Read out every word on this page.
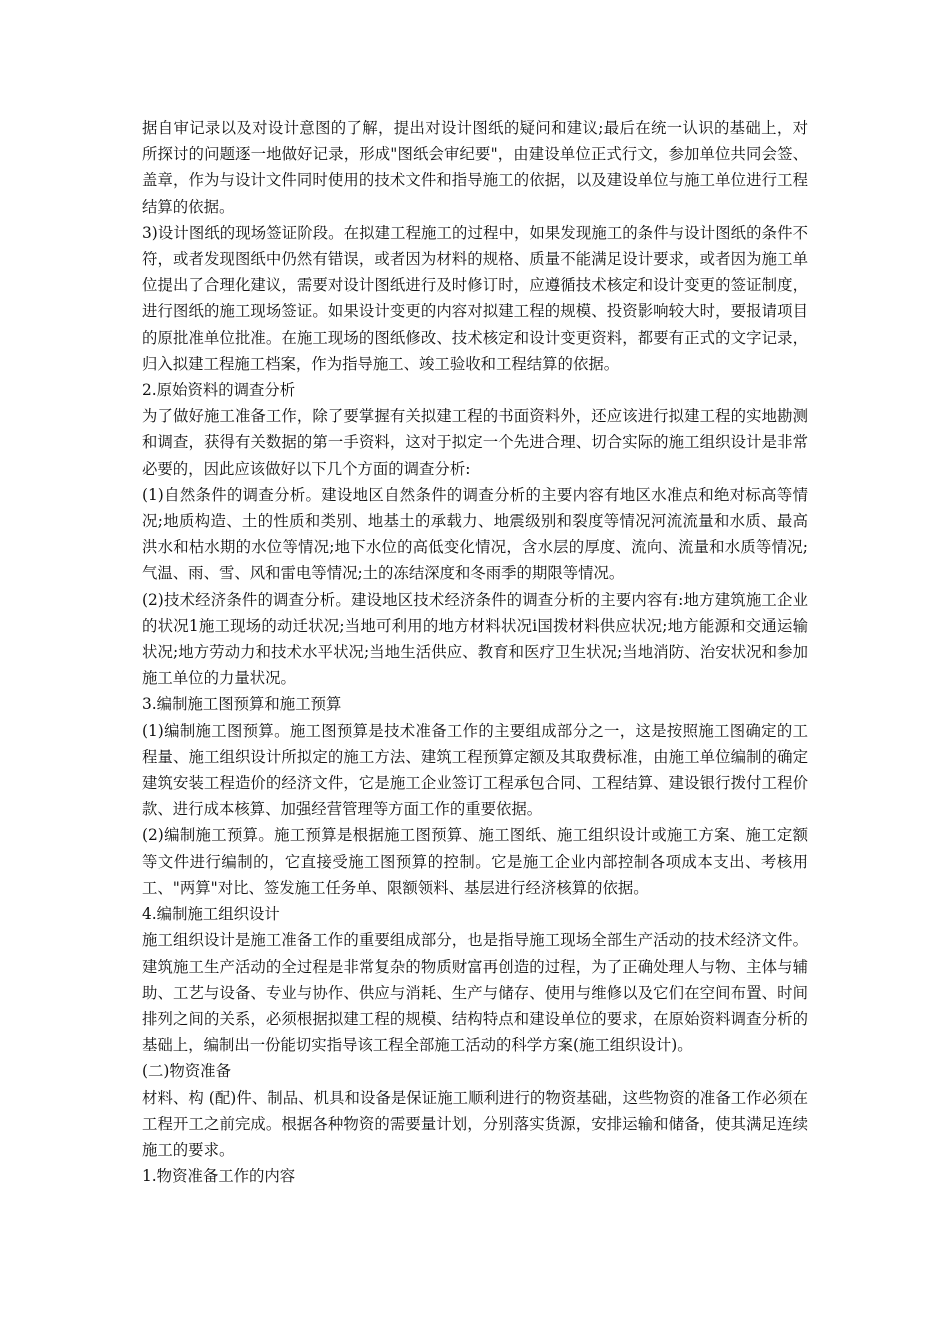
据自审记录以及对设计意图的了解，提出对设计图纸的疑问和建议;最后在统一认识的基础上，对所探讨的问题逐一地做好记录，形成"图纸会审纪要"，由建设单位正式行文，参加单位共同会签、盖章，作为与设计文件同时使用的技术文件和指导施工的依据，以及建设单位与施工单位进行工程结算的依据。

3)设计图纸的现场签证阶段。在拟建工程施工的过程中，如果发现施工的条件与设计图纸的条件不符，或者发现图纸中仍然有错误，或者因为材料的规格、质量不能满足设计要求，或者因为施工单位提出了合理化建议，需要对设计图纸进行及时修订时，应遵循技术核定和设计变更的签证制度，进行图纸的施工现场签证。如果设计变更的内容对拟建工程的规模、投资影响较大时，要报请项目的原批准单位批准。在施工现场的图纸修改、技术核定和设计变更资料，都要有正式的文字记录，归入拟建工程施工档案，作为指导施工、竣工验收和工程结算的依据。

2.原始资料的调查分析

为了做好施工准备工作，除了要掌握有关拟建工程的书面资料外，还应该进行拟建工程的实地勘测和调查，获得有关数据的第一手资料，这对于拟定一个先进合理、切合实际的施工组织设计是非常必要的，因此应该做好以下几个方面的调查分析:

(1)自然条件的调查分析。建设地区自然条件的调查分析的主要内容有地区水准点和绝对标高等情况;地质构造、土的性质和类别、地基土的承载力、地震级别和裂度等情况河流流量和水质、最高洪水和枯水期的水位等情况;地下水位的高低变化情况，含水层的厚度、流向、流量和水质等情况;气温、雨、雪、风和雷电等情况;土的冻结深度和冬雨季的期限等情况。

(2)技术经济条件的调查分析。建设地区技术经济条件的调查分析的主要内容有:地方建筑施工企业的状况1施工现场的动迁状况;当地可利用的地方材料状况i国拨材料供应状况;地方能源和交通运输状况;地方劳动力和技术水平状况;当地生活供应、教育和医疗卫生状况;当地消防、治安状况和参加施工单位的力量状况。

3.编制施工图预算和施工预算

(1)编制施工图预算。施工图预算是技术准备工作的主要组成部分之一，这是按照施工图确定的工程量、施工组织设计所拟定的施工方法、建筑工程预算定额及其取费标准，由施工单位编制的确定建筑安装工程造价的经济文件，它是施工企业签订工程承包合同、工程结算、建设银行拨付工程价款、进行成本核算、加强经营管理等方面工作的重要依据。

(2)编制施工预算。施工预算是根据施工图预算、施工图纸、施工组织设计或施工方案、施工定额等文件进行编制的，它直接受施工图预算的控制。它是施工企业内部控制各项成本支出、考核用工、"两算"对比、签发施工任务单、限额领料、基层进行经济核算的依据。

4.编制施工组织设计

施工组织设计是施工准备工作的重要组成部分，也是指导施工现场全部生产活动的技术经济文件。建筑施工生产活动的全过程是非常复杂的物质财富再创造的过程，为了正确处理人与物、主体与辅助、工艺与设备、专业与协作、供应与消耗、生产与储存、使用与维修以及它们在空间布置、时间排列之间的关系，必须根据拟建工程的规模、结构特点和建设单位的要求，在原始资料调查分析的基础上，编制出一份能切实指导该工程全部施工活动的科学方案(施工组织设计)。

(二)物资准备

材料、构 (配)件、制品、机具和设备是保证施工顺利进行的物资基础，这些物资的准备工作必须在工程开工之前完成。根据各种物资的需要量计划，分别落实货源，安排运输和储备，使其满足连续施工的要求。

1.物资准备工作的内容
